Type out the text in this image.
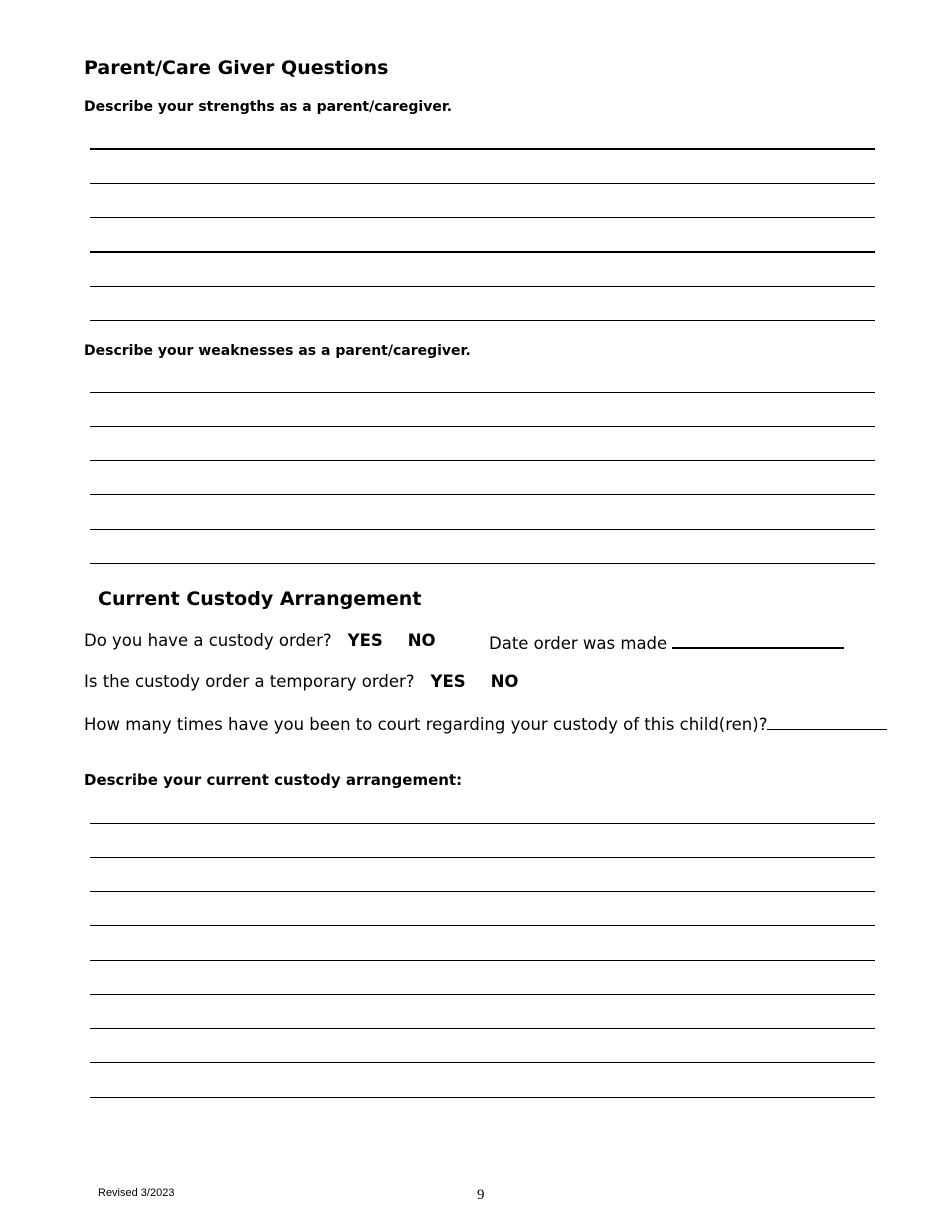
Parent/Care Giver Questions
Describe your strengths as a parent/caregiver.
Describe your weaknesses as a parent/caregiver.
Current Custody Arrangement
Do you have a custody order? YES NO	Date order was made
Is the custody order a temporary order? YES NO
How many times have you been to court regarding your custody of this child(ren)?
Describe your current custody arrangement:
Revised 3/2023	9
